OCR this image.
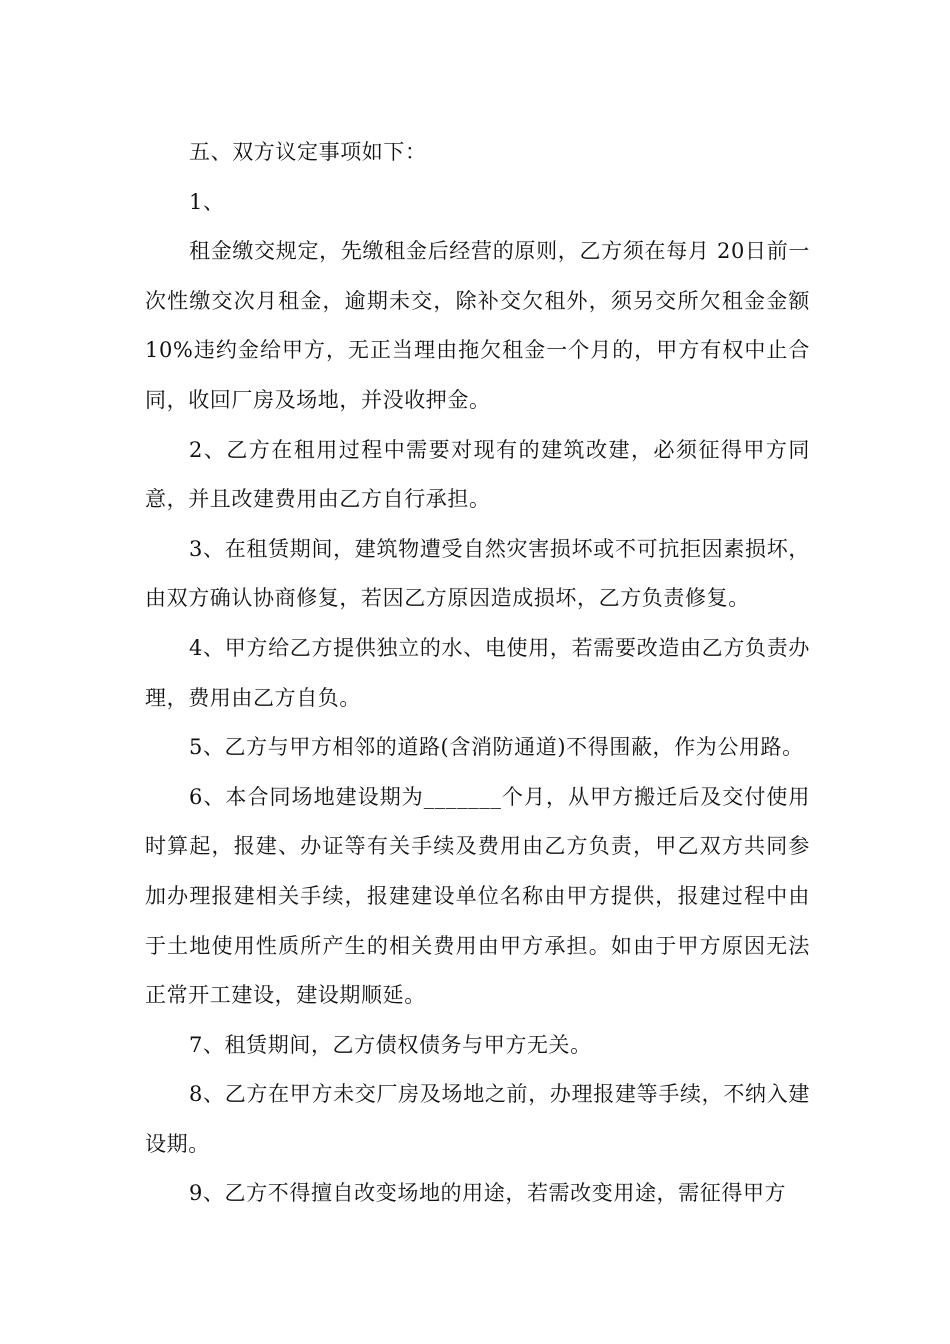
五、双方议定事项如下：

1、

租金缴交规定，先缴租金后经营的原则，乙方须在每月 20日前一次性缴交次月租金，逾期未交，除补交欠租外，须另交所欠租金金额 10%违约金给甲方，无正当理由拖欠租金一个月的，甲方有权中止合同，收回厂房及场地，并没收押金。

2、乙方在租用过程中需要对现有的建筑改建，必须征得甲方同意，并且改建费用由乙方自行承担。

3、在租赁期间，建筑物遭受自然灾害损坏或不可抗拒因素损坏，由双方确认协商修复，若因乙方原因造成损坏，乙方负责修复。

4、甲方给乙方提供独立的水、电使用，若需要改造由乙方负责办理，费用由乙方自负。

5、乙方与甲方相邻的道路(含消防通道)不得围蔽，作为公用路。

6、本合同场地建设期为_______个月，从甲方搬迁后及交付使用时算起，报建、办证等有关手续及费用由乙方负责，甲乙双方共同参加办理报建相关手续，报建建设单位名称由甲方提供，报建过程中由于土地使用性质所产生的相关费用由甲方承担。如由于甲方原因无法正常开工建设，建设期顺延。

7、租赁期间，乙方债权债务与甲方无关。

8、乙方在甲方未交厂房及场地之前，办理报建等手续，不纳入建设期。

9、乙方不得擅自改变场地的用途，若需改变用途，需征得甲方
